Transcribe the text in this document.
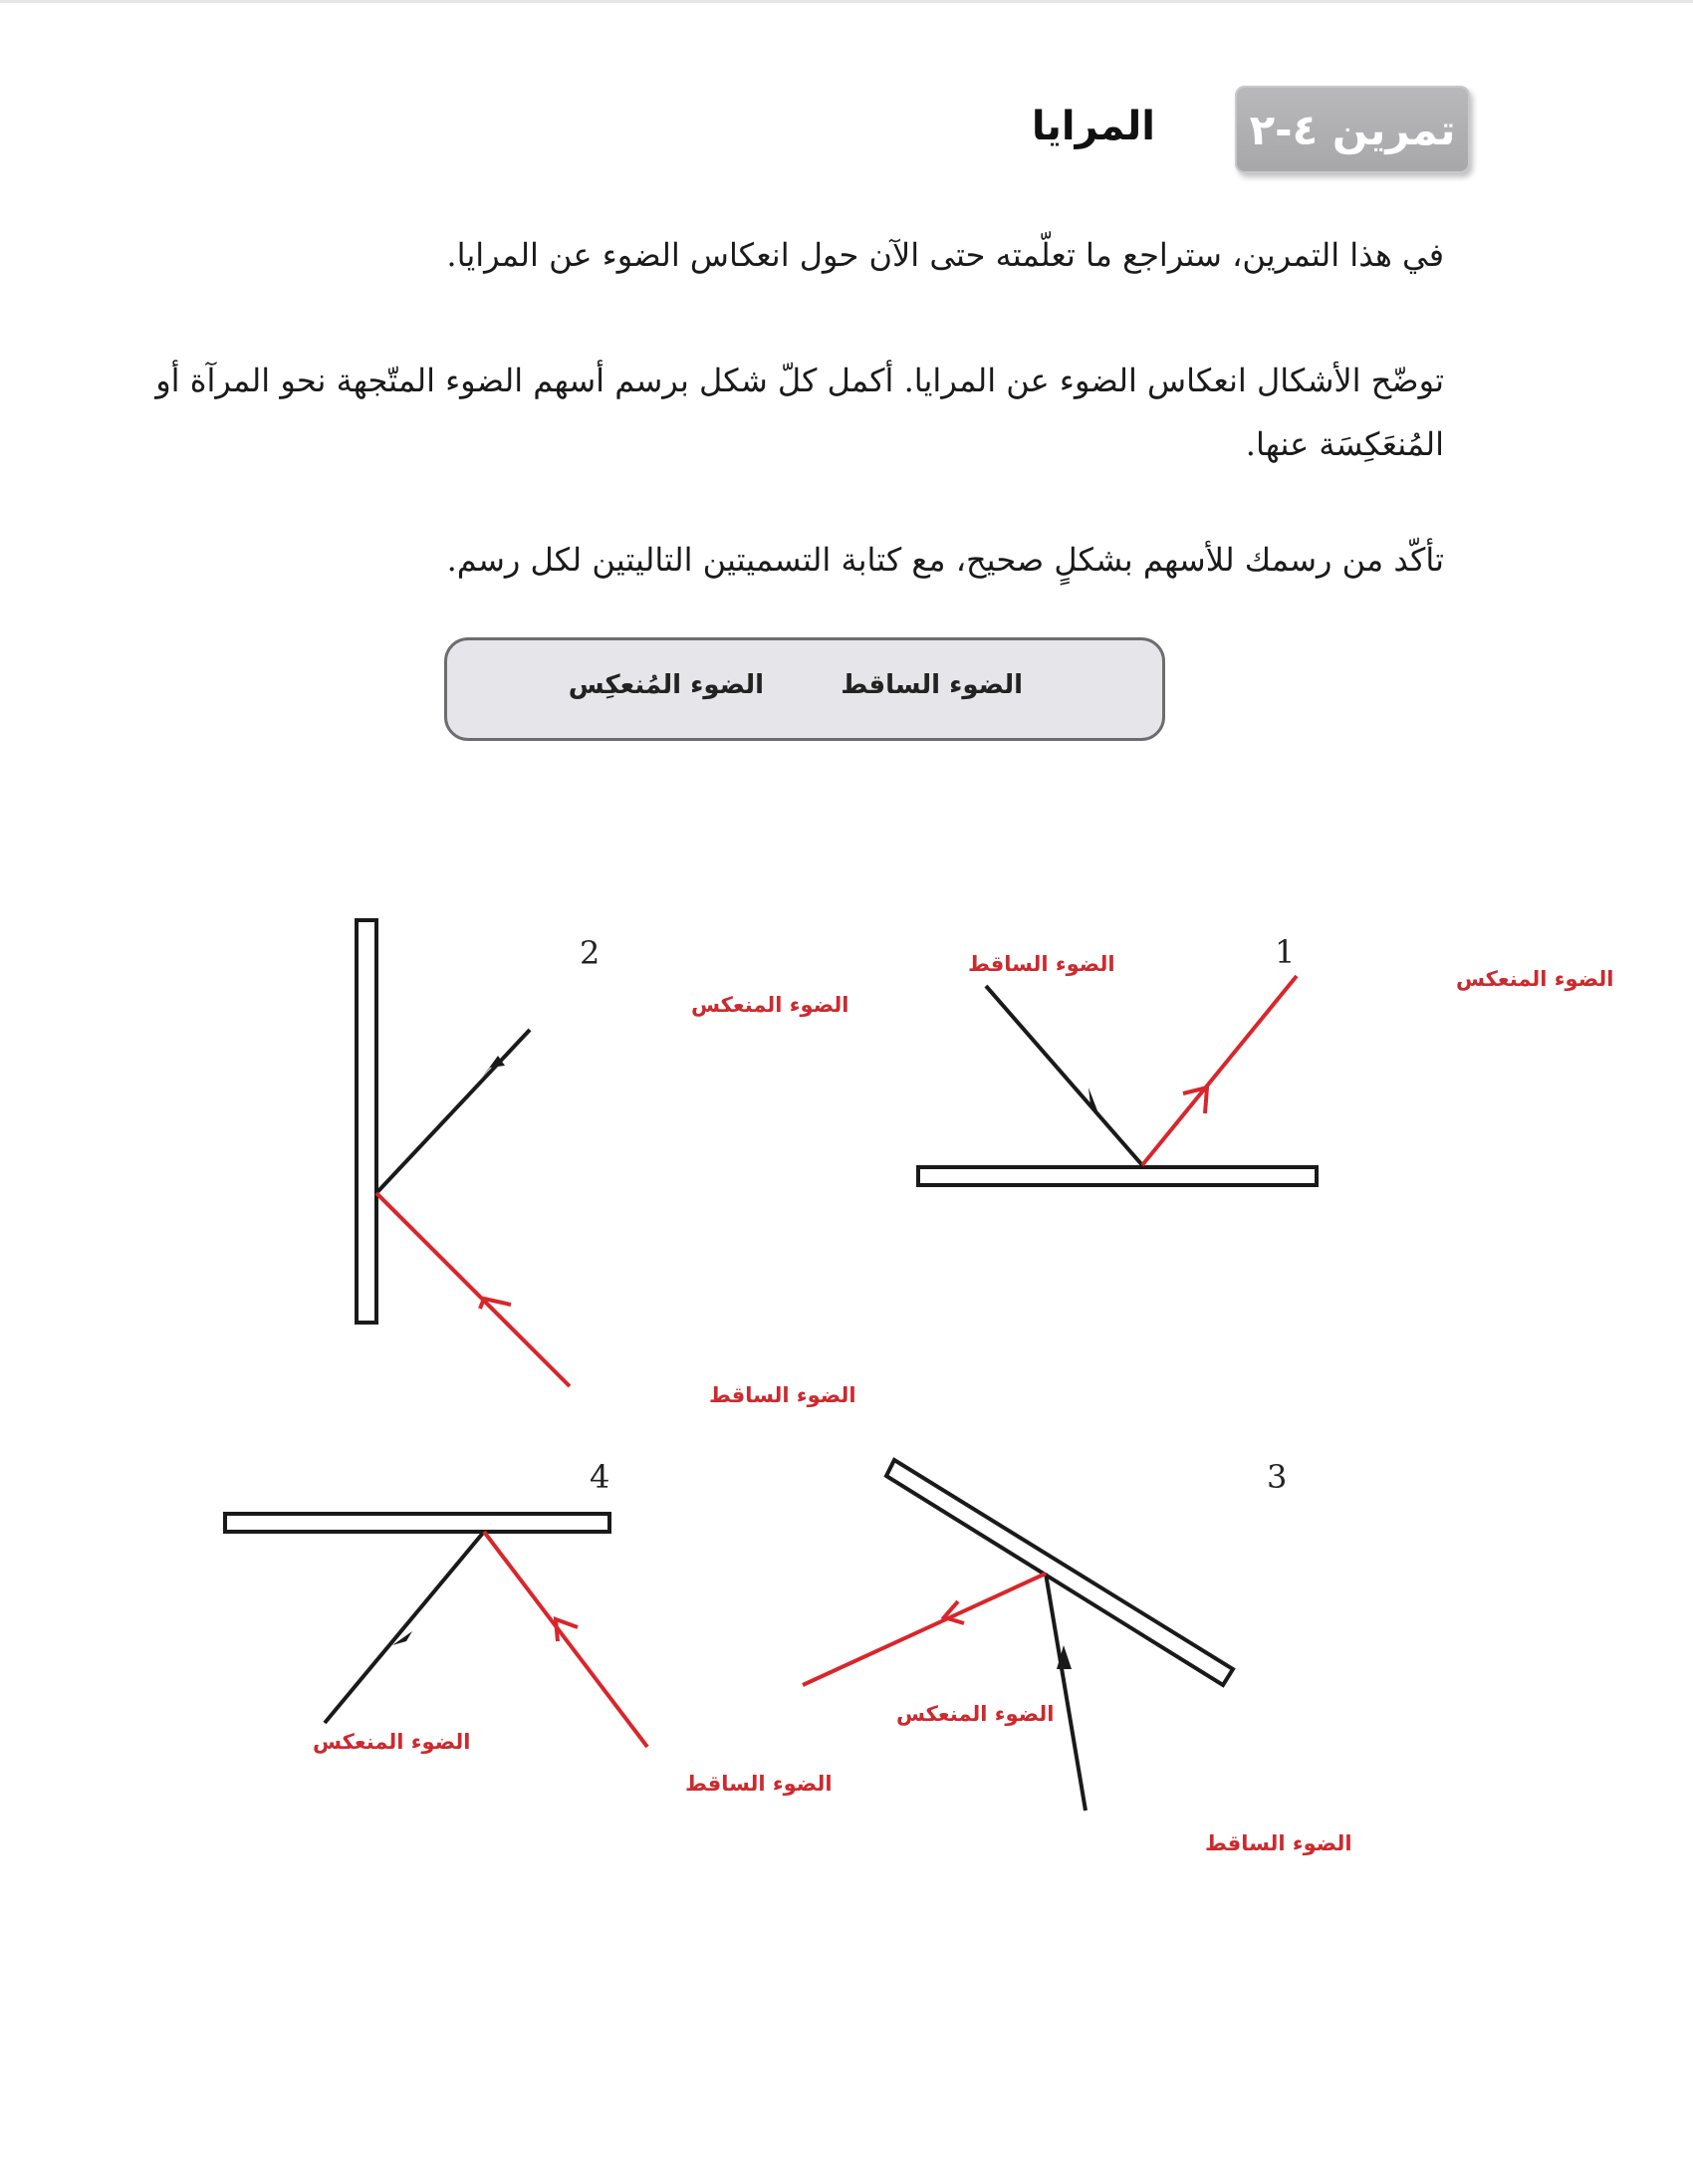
تمرين ٤-٢
المرايا
في هذا التمرين، ستراجع ما تعلّمته حتى الآن حول انعكاس الضوء عن المرايا.
توضّح الأشكال انعكاس الضوء عن المرايا. أكمل كلّ شكل برسم أسهم الضوء المتّجهة نحو المرآة أو المُنعَكِسَة عنها.
تأكّد من رسمك للأسهم بشكلٍ صحيح، مع كتابة التسميتين التاليتين لكل رسم.
الضوء الساقط
الضوء المُنعكِس
1
الضوء الساقط
الضوء المنعكس
2
الضوء المنعكس
الضوء الساقط
3
الضوء المنعكس
الضوء الساقط
4
الضوء المنعكس
الضوء الساقط
